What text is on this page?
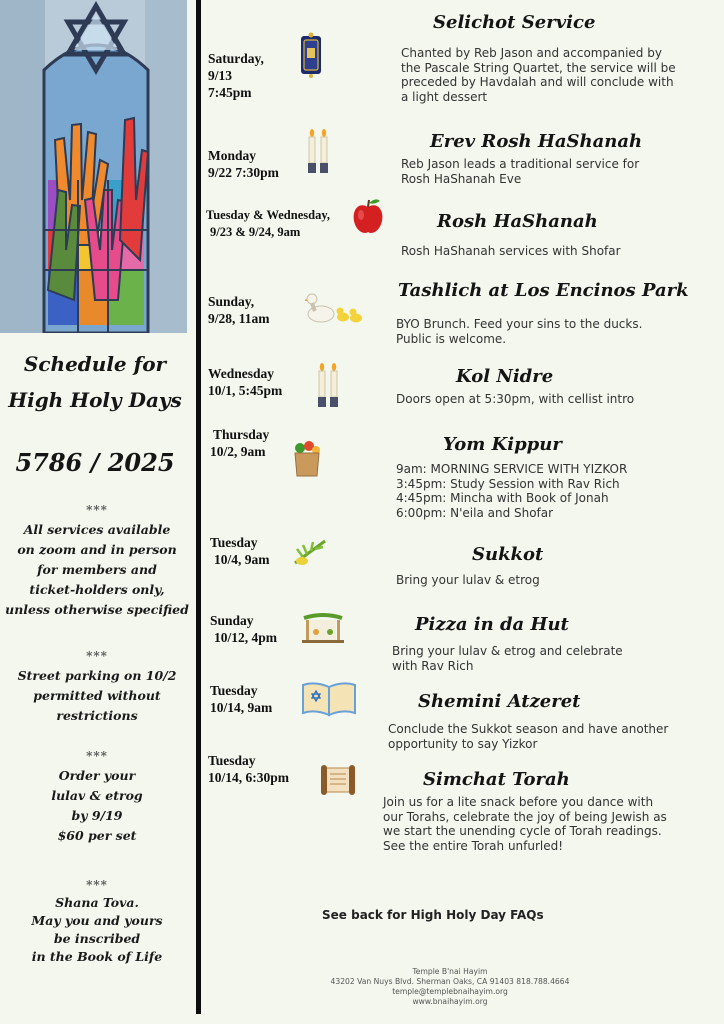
Schedule for
High Holy Days
5786 / 2025
***
All services available
on zoom and in person
for members and
ticket-holders only,
unless otherwise specified
***
Street parking on 10/2
permitted without
restrictions
***
Order your
lulav & etrog
by 9/19
$60 per set
***
Shana Tova.
May you and yours
be inscribed
in the Book of Life
Saturday,
9/13
7:45pm
Selichot Service
Chanted by Reb Jason and accompanied by
the Pascale String Quartet, the service will be
preceded by Havdalah and will conclude with
a light dessert
Monday
9/22 7:30pm
Erev Rosh HaShanah
Reb Jason leads a traditional service for
Rosh HaShanah Eve
Tuesday & Wednesday,
9/23 & 9/24, 9am	Rosh HaShanah
Rosh HaShanah services with Shofar
Sunday,
9/28, 11am
Tashlich at Los Encinos Park
BYO Brunch. Feed your sins to the ducks.
Public is welcome.
Wednesday
10/1, 5:45pm
Kol Nidre
Doors open at 5:30pm, with cellist intro
Thursday
10/2, 9am	Yom Kippur
9am: MORNING SERVICE WITH YIZKOR
3:45pm: Study Session with Rav Rich
4:45pm: Mincha with Book of Jonah
6:00pm: N'eila and Shofar
Tuesday
10/4, 9am	Sukkot
Bring your lulav & etrog
Sunday
10/12, 4pm
Pizza in da Hut
Bring your lulav & etrog and celebrate
with Rav Rich
Tuesday
10/14, 9am	Shemini Atzeret
Conclude the Sukkot season and have another
opportunity to say Yizkor
Tuesday
10/14, 6:30pm	Simchat Torah
Join us for a lite snack before you dance with
our Torahs, celebrate the joy of being Jewish as
we start the unending cycle of Torah readings.
See the entire Torah unfurled!
See back for High Holy Day FAQs
Temple B'nai Hayim
43202 Van Nuys Blvd. Sherman Oaks, CA 91403 818.788.4664
temple@templebnaihayim.org
www.bnaihayim.org
